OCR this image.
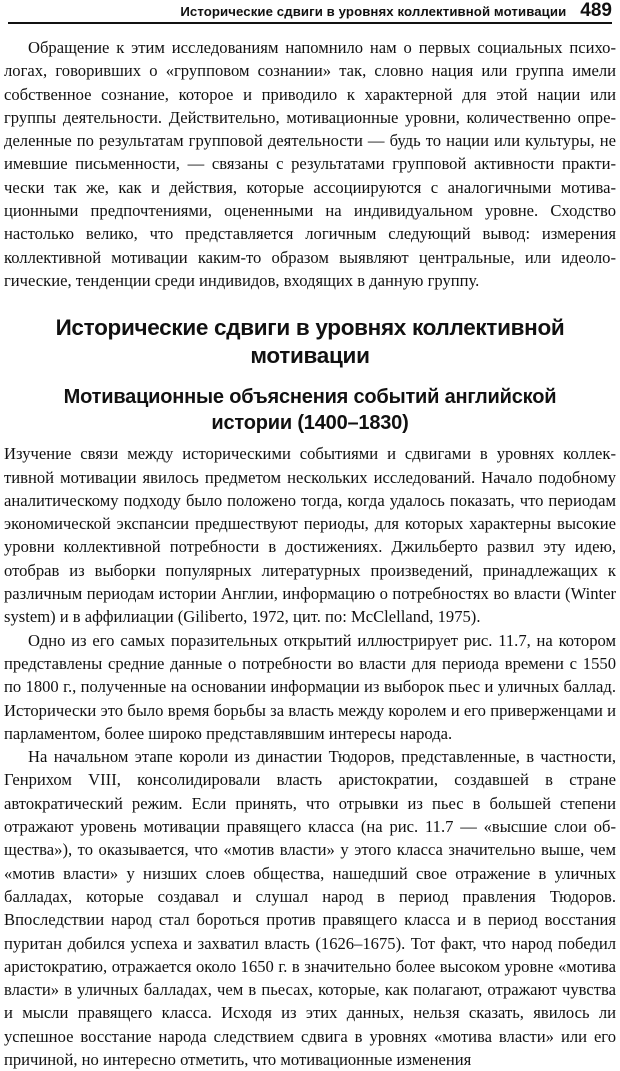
Исторические сдвиги в уровнях коллективной мотивации 489

Обращение к этим исследованиям напомнило нам о первых социальных психологах, говоривших о «групповом сознании» так, словно нация или группа имели собственное сознание, которое и приводило к характерной для этой нации или группы деятельности. Действительно, мотивационные уровни, количественно определенные по результатам групповой деятельности — будь то нации или культуры, не имевшие письменности, — связаны с результатами групповой активности практически так же, как и действия, которые ассоциируются с аналогичными мотивационными предпочтениями, оцененными на индивидуальном уровне. Сходство настолько велико, что представляется логичным следующий вывод: измерения коллективной мотивации каким-то образом выявляют центральные, или идеологические, тенденции среди индивидов, входящих в данную группу.

Исторические сдвиги в уровнях коллективной мотивации
Мотивационные объяснения событий английской истории (1400–1830)

Изучение связи между историческими событиями и сдвигами в уровнях коллективной мотивации явилось предметом нескольких исследований. Начало подобному аналитическому подходу было положено тогда, когда удалось показать, что периодам экономической экспансии предшествуют периоды, для которых характерны высокие уровни коллективной потребности в достижениях. Джильберто развил эту идею, отобрав из выборки популярных литературных произведений, принадлежащих к различным периодам истории Англии, информацию о потребностях во власти (Winter system) и в аффилиации (Giliberto, 1972, цит. по: McClelland, 1975).

Одно из его самых поразительных открытий иллюстрирует рис. 11.7, на котором представлены средние данные о потребности во власти для периода времени с 1550 по 1800 г., полученные на основании информации из выборок пьес и уличных баллад. Исторически это было время борьбы за власть между королем и его приверженцами и парламентом, более широко представлявшим интересы народа.

На начальном этапе короли из династии Тюдоров, представленные, в частности, Генрихом VIII, консолидировали власть аристократии, создавшей в стране автократический режим. Если принять, что отрывки из пьес в большей степени отражают уровень мотивации правящего класса (на рис. 11.7 — «высшие слои общества»), то оказывается, что «мотив власти» у этого класса значительно выше, чем «мотив власти» у низших слоев общества, нашедший свое отражение в уличных балладах, которые создавал и слушал народ в период правления Тюдоров. Впоследствии народ стал бороться против правящего класса и в период восстания пуритан добился успеха и захватил власть (1626–1675). Тот факт, что народ победил аристократию, отражается около 1650 г. в значительно более высоком уровне «мотива власти» в уличных балладах, чем в пьесах, которые, как полагают, отражают чувства и мысли правящего класса. Исходя из этих данных, нельзя сказать, явилось ли успешное восстание народа следствием сдвига в уровнях «мотива власти» или его причиной, но интересно отметить, что мотивационные изменения
